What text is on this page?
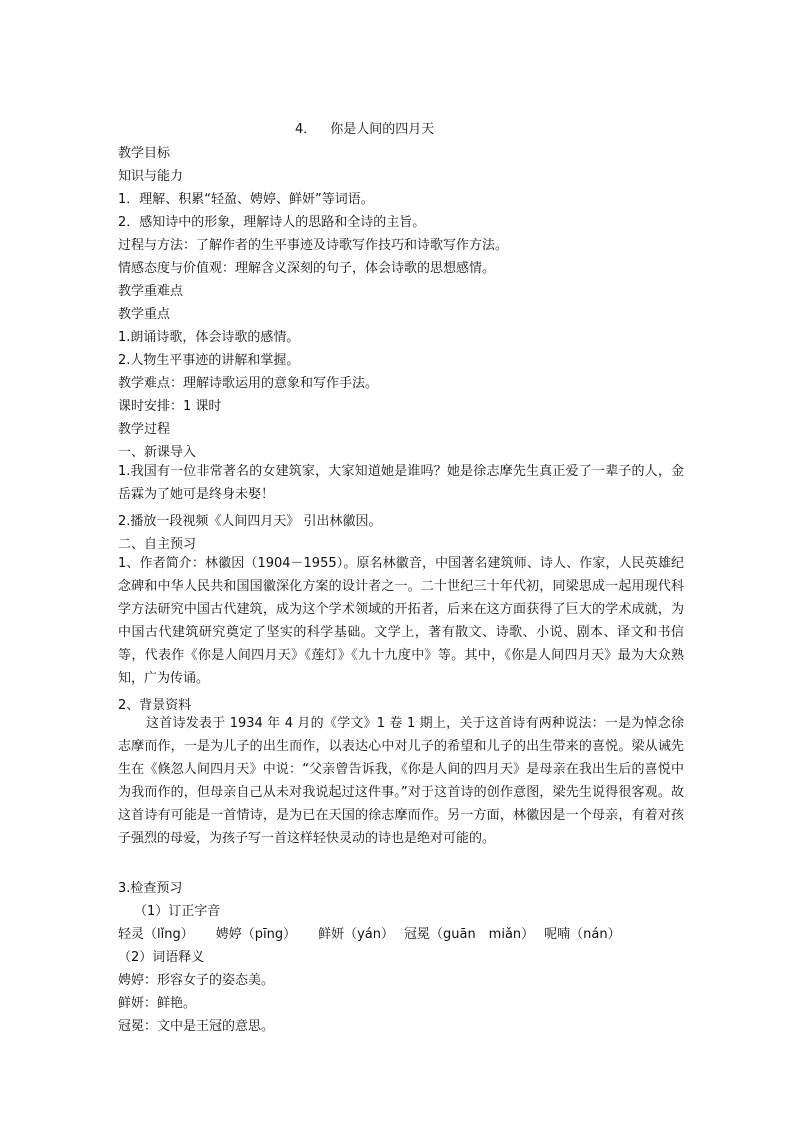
4． 你是人间的四月天
教学目标
知识与能力
1．理解、积累“轻盈、娉婷、鲜妍”等词语。
2．感知诗中的形象，理解诗人的思路和全诗的主旨。
过程与方法：了解作者的生平事迹及诗歌写作技巧和诗歌写作方法。
情感态度与价值观：理解含义深刻的句子，体会诗歌的思想感情。
教学重难点
教学重点
1.朗诵诗歌，体会诗歌的感情。
2.人物生平事迹的讲解和掌握。
教学难点：理解诗歌运用的意象和写作手法。
课时安排：1 课时
教学过程
一、新课导入
1.我国有一位非常著名的女建筑家，大家知道她是谁吗？她是徐志摩先生真正爱了一辈子的人，金岳霖为了她可是终身未娶！
2.播放一段视频《人间四月天》 引出林徽因。
二、自主预习
1、作者简介：林徽因（1904－1955）。原名林徽音，中国著名建筑师、诗人、作家，人民英雄纪念碑和中华人民共和国国徽深化方案的设计者之一。二十世纪三十年代初，同梁思成一起用现代科学方法研究中国古代建筑，成为这个学术领域的开拓者，后来在这方面获得了巨大的学术成就，为中国古代建筑研究奠定了坚实的科学基础。文学上，著有散文、诗歌、小说、剧本、译文和书信等，代表作《你是人间四月天》《莲灯》《九十九度中》等。其中，《你是人间四月天》最为大众熟知，广为传诵。
2、背景资料
这首诗发表于 1934 年 4 月的《学文》1 卷 1 期上，关于这首诗有两种说法：一是为悼念徐志摩而作，一是为儿子的出生而作，以表达心中对儿子的希望和儿子的出生带来的喜悦。梁从诫先生在《倏忽人间四月天》中说：“父亲曾告诉我，《你是人间的四月天》是母亲在我出生后的喜悦中为我而作的，但母亲自己从未对我说起过这件事。”对于这首诗的创作意图，梁先生说得很客观。故这首诗有可能是一首情诗，是为已在天国的徐志摩而作。另一方面，林徽因是一个母亲，有着对孩子强烈的母爱，为孩子写一首这样轻快灵动的诗也是绝对可能的。
3.检查预习
（1）订正字音
轻灵（lǐng） 娉婷（pīng） 鲜妍（yán） 冠冕（guān　miǎn） 呢喃（nán）
（2）词语释义
娉婷：形容女子的姿态美。
鲜妍：鲜艳。
冠冕：文中是王冠的意思。
